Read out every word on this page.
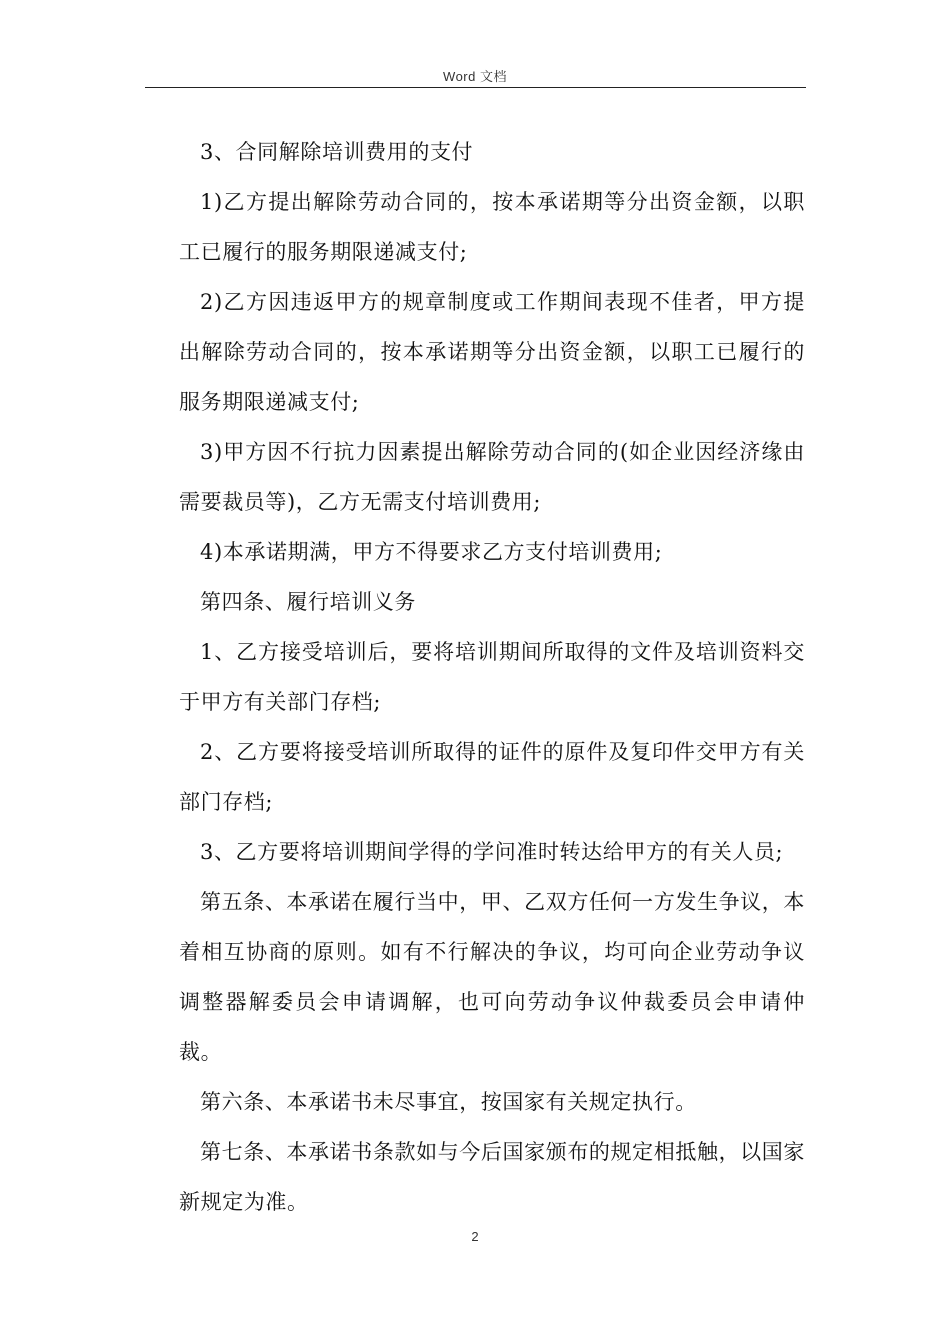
Word 文档

3、合同解除培训费用的支付

1)乙方提出解除劳动合同的，按本承诺期等分出资金额，以职工已履行的服务期限递减支付;

2)乙方因违返甲方的规章制度或工作期间表现不佳者，甲方提出解除劳动合同的，按本承诺期等分出资金额，以职工已履行的服务期限递减支付;

3)甲方因不行抗力因素提出解除劳动合同的(如企业因经济缘由需要裁员等)，乙方无需支付培训费用;

4)本承诺期满，甲方不得要求乙方支付培训费用;

第四条、履行培训义务

1、乙方接受培训后，要将培训期间所取得的文件及培训资料交于甲方有关部门存档;

2、乙方要将接受培训所取得的证件的原件及复印件交甲方有关部门存档;

3、乙方要将培训期间学得的学问准时转达给甲方的有关人员;

第五条、本承诺在履行当中，甲、乙双方任何一方发生争议，本着相互协商的原则。如有不行解决的争议，均可向企业劳动争议调整器解委员会申请调解，也可向劳动争议仲裁委员会申请仲裁。

第六条、本承诺书未尽事宜，按国家有关规定执行。

第七条、本承诺书条款如与今后国家颁布的规定相抵触，以国家新规定为准。

2
